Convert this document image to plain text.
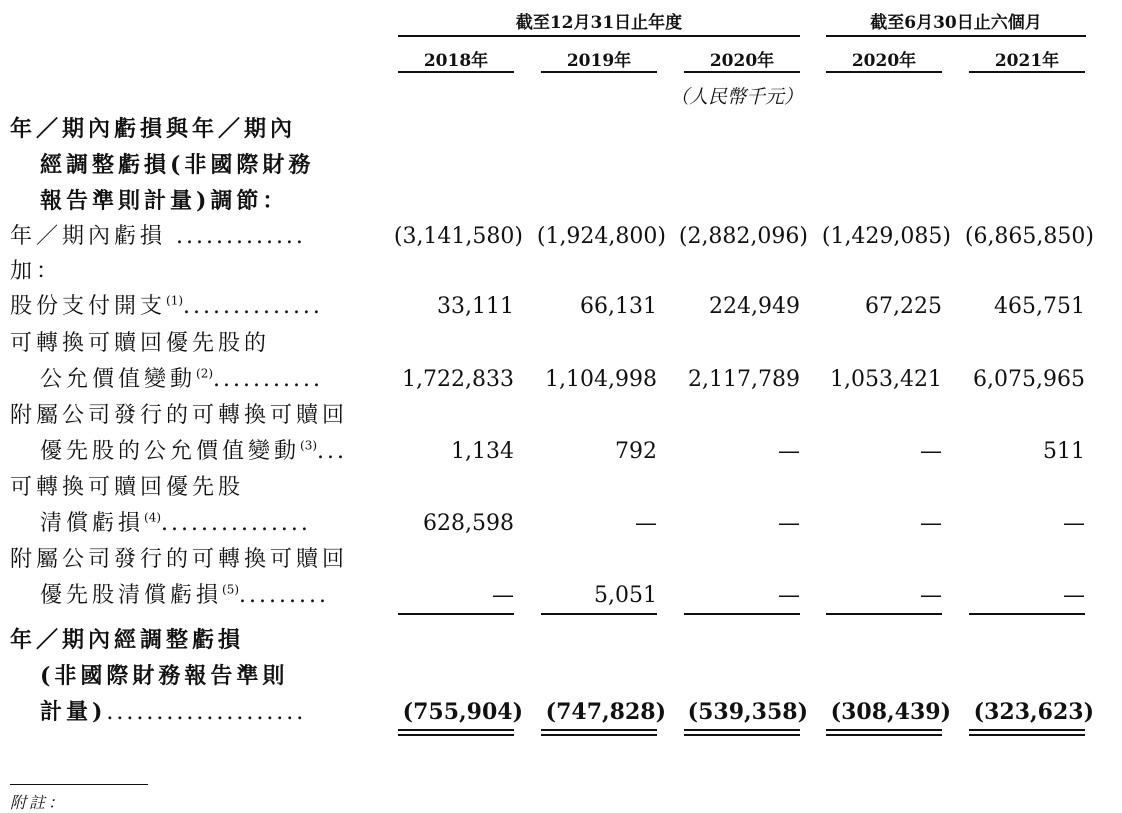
截至12月31日止年度	截至6月30日止六個月
2018年	2019年	2020年	2020年	2021年
（人民幣千元）
年／期內虧損與年／期內
經調整虧損(非國際財務
報告準則計量)調節：
年／期內虧損 .............	(3,141,580) (1,924,800) (2,882,096) (1,429,085) (6,865,850)
加：
股份支付開支$^{(1)}$..............	33,111	66,131 224,949	67,225 465,751
可轉換可贖回優先股的
公允價值變動$^{(2)}$...........	1,722,833 1,104,998 2,117,789 1,053,421 6,075,965
附屬公司發行的可轉換可贖回
優先股的公允價值變動$^{(3)}$...	1,134	792	—	—	511
可轉換可贖回優先股
清償虧損$^{(4)}$...............	628,598	—	—	—	—
附屬公司發行的可轉換可贖回
優先股清償虧損$^{(5)}$.........	—	5,051	—	—	—
年／期內經調整虧損
(非國際財務報告準則
計量)....................	(755,904) (747,828) (539,358) (308,439) (323,623)
附註：
